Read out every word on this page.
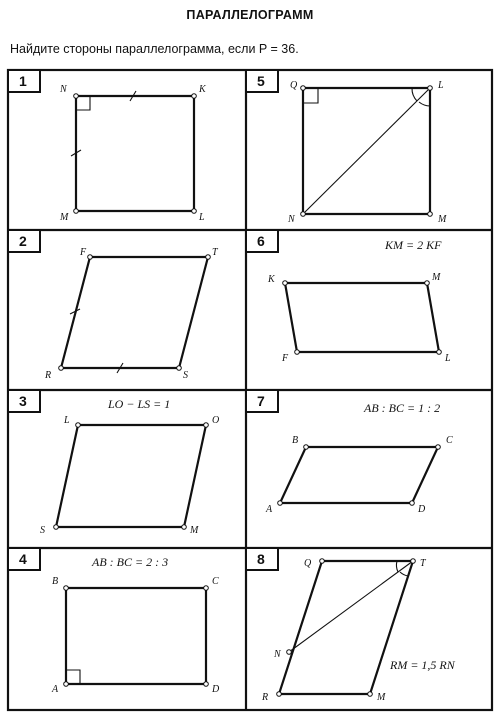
ПАРАЛЛЕЛОГРАММ
Найдите стороны параллелограмма, если P = 36.
1
2
3
4
5
6
7
8
N	K
M	L
F	T
R	S
LO − LS = 1
L	O
S	M
AB : BC = 2 : 3
B	C
A	D
Q	L
N	M
KM = 2 KF
K	M
F	L
AB : BC = 1 : 2
B	C
A	D
RM = 1,5 RN
Q	T
N
R	M
